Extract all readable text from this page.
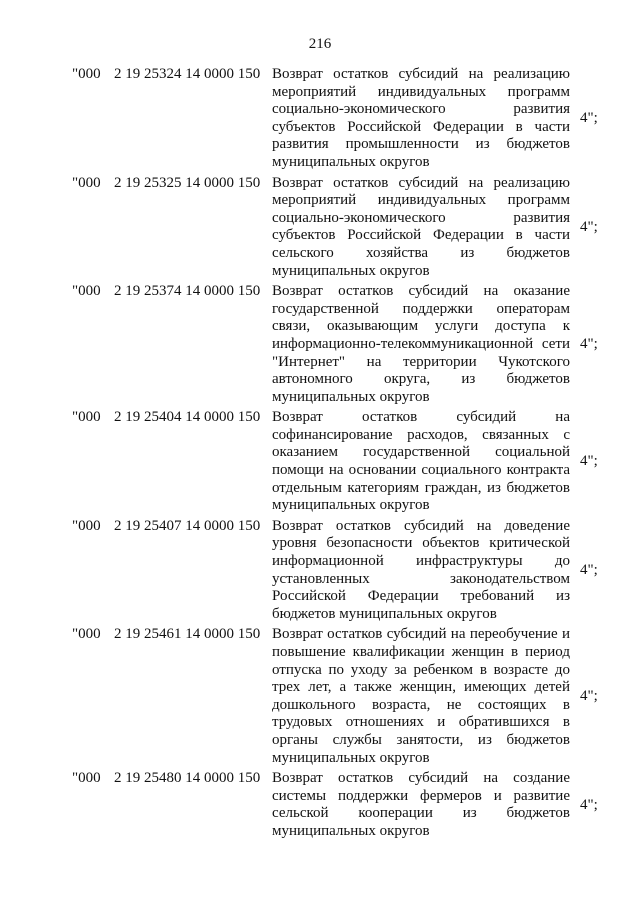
216
"000 2 19 25324 14 0000 150 Возврат остатков субсидий на реализацию мероприятий индивидуальных программ социально-экономического развития субъектов Российской Федерации в части развития промышленности из бюджетов муниципальных округов
4";
"000 2 19 25325 14 0000 150 Возврат остатков субсидий на реализацию мероприятий индивидуальных программ социально-экономического развития субъектов Российской Федерации в части сельского хозяйства из бюджетов муниципальных округов
4";
"000 2 19 25374 14 0000 150 Возврат остатков субсидий на оказание государственной поддержки операторам связи, оказывающим услуги доступа к информационно-телекоммуникационной сети "Интернет" на территории Чукотского автономного округа, из бюджетов муниципальных округов
4";
"000 2 19 25404 14 0000 150 Возврат остатков субсидий на софинансирование расходов, связанных с оказанием государственной социальной помощи на основании социального контракта отдельным категориям граждан, из бюджетов муниципальных округов
4";
"000 2 19 25407 14 0000 150 Возврат остатков субсидий на доведение уровня безопасности объектов критической информационной инфраструктуры до установленных законодательством Российской Федерации требований из бюджетов муниципальных округов
4";
"000 2 19 25461 14 0000 150 Возврат остатков субсидий на переобучение и повышение квалификации женщин в период отпуска по уходу за ребенком в возрасте до трех лет, а также женщин, имеющих детей дошкольного возраста, не состоящих в трудовых отношениях и обратившихся в органы службы занятости, из бюджетов муниципальных округов
4";
"000 2 19 25480 14 0000 150 Возврат остатков субсидий на создание системы поддержки фермеров и развитие сельской кооперации из бюджетов муниципальных округов
4";
